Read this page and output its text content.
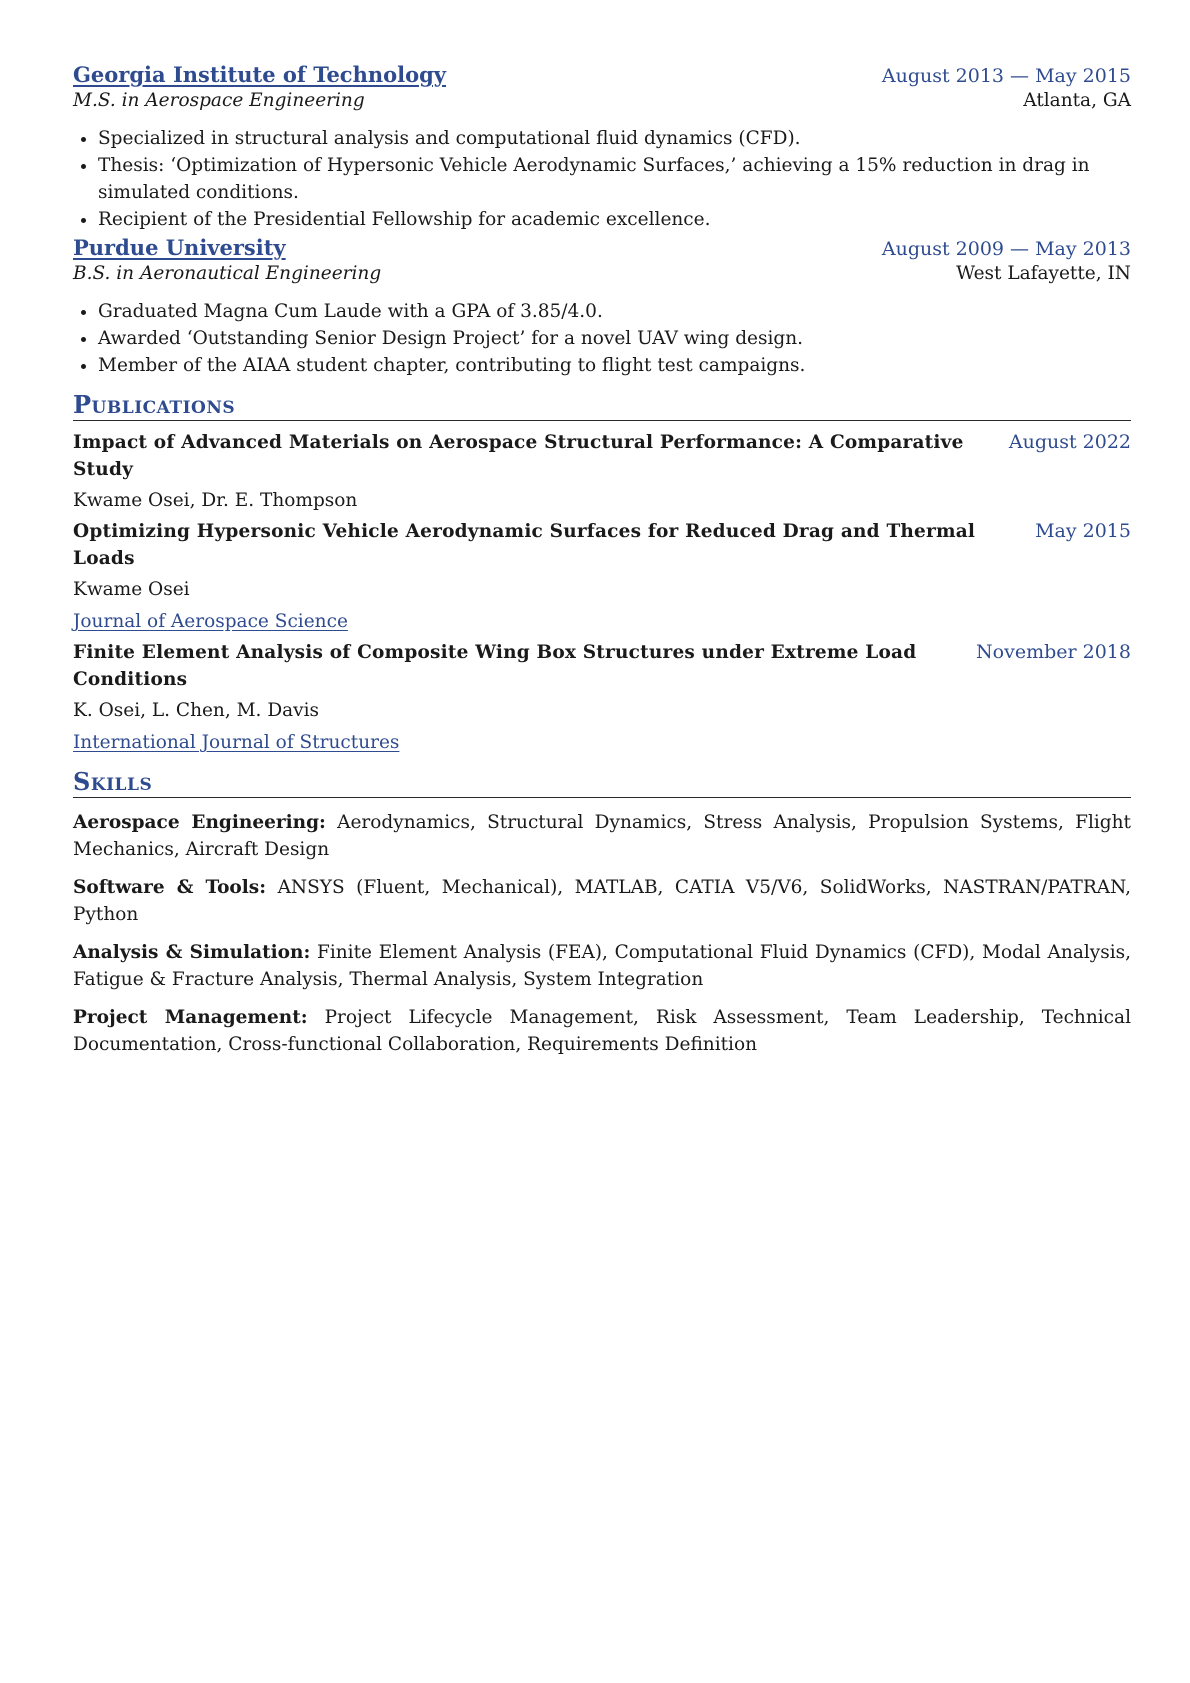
Georgia Institute of Technology	August 2013 — May 2015
M.S. in Aerospace Engineering	Atlanta, GA
• Specialized in structural analysis and computational fluid dynamics (CFD).
• Thesis: ‘Optimization of Hypersonic Vehicle Aerodynamic Surfaces,’ achieving a 15% reduction in drag in simulated conditions.
• Recipient of the Presidential Fellowship for academic excellence.
Purdue University	August 2009 — May 2013
B.S. in Aeronautical Engineering	West Lafayette, IN
• Graduated Magna Cum Laude with a GPA of 3.85/4.0.
• Awarded ‘Outstanding Senior Design Project’ for a novel UAV wing design.
• Member of the AIAA student chapter, contributing to flight test campaigns.
Publications
Impact of Advanced Materials on Aerospace Structural Performance: A Comparative Study
August 2022
Kwame Osei, Dr. E. Thompson
Optimizing Hypersonic Vehicle Aerodynamic Surfaces for Reduced Drag and Thermal Loads
May 2015
Kwame Osei
Journal of Aerospace Science
Finite Element Analysis of Composite Wing Box Structures under Extreme Load Conditions
November 2018
K. Osei, L. Chen, M. Davis
International Journal of Structures
Skills
Aerospace Engineering: Aerodynamics, Structural Dynamics, Stress Analysis, Propulsion Systems, Flight Mechanics, Aircraft Design
Software & Tools: ANSYS (Fluent, Mechanical), MATLAB, CATIA V5/V6, SolidWorks, NASTRAN/PATRAN, Python
Analysis & Simulation: Finite Element Analysis (FEA), Computational Fluid Dynamics (CFD), Modal Analysis, Fatigue & Fracture Analysis, Thermal Analysis, System Integration
Project Management: Project Lifecycle Management, Risk Assessment, Team Leadership, Technical Documentation, Cross-functional Collaboration, Requirements Definition
